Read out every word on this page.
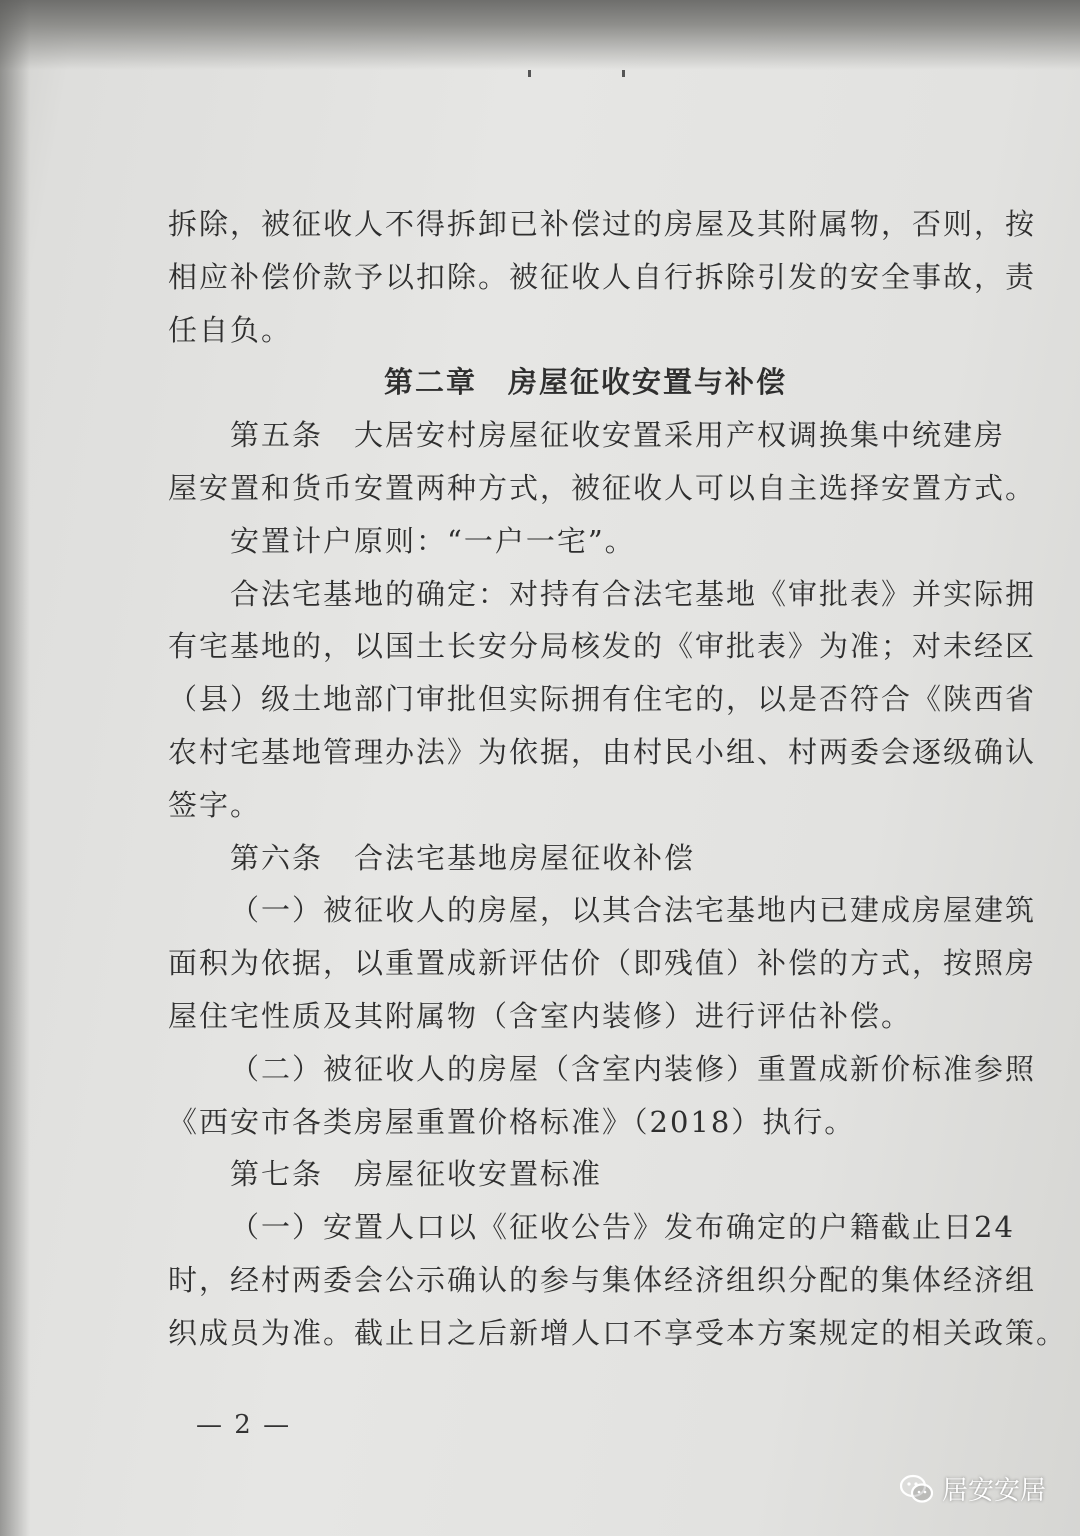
拆除，被征收人不得拆卸已补偿过的房屋及其附属物，否则，按
相应补偿价款予以扣除。被征收人自行拆除引发的安全事故，责
任自负。
第二章　房屋征收安置与补偿
第五条　大居安村房屋征收安置采用产权调换集中统建房
屋安置和货币安置两种方式，被征收人可以自主选择安置方式。
安置计户原则：“一户一宅”。
合法宅基地的确定：对持有合法宅基地《审批表》并实际拥
有宅基地的，以国土长安分局核发的《审批表》为准；对未经区
（县）级土地部门审批但实际拥有住宅的，以是否符合《陕西省
农村宅基地管理办法》为依据，由村民小组、村两委会逐级确认
签字。
第六条　合法宅基地房屋征收补偿
（一）被征收人的房屋，以其合法宅基地内已建成房屋建筑
面积为依据，以重置成新评估价（即残值）补偿的方式，按照房
屋住宅性质及其附属物（含室内装修）进行评估补偿。
（二）被征收人的房屋（含室内装修）重置成新价标准参照
《西安市各类房屋重置价格标准》（2018）执行。
第七条　房屋征收安置标准
（一）安置人口以《征收公告》发布确定的户籍截止日24
时，经村两委会公示确认的参与集体经济组织分配的集体经济组
织成员为准。截止日之后新增人口不享受本方案规定的相关政策。
— 2 —
居安安居
